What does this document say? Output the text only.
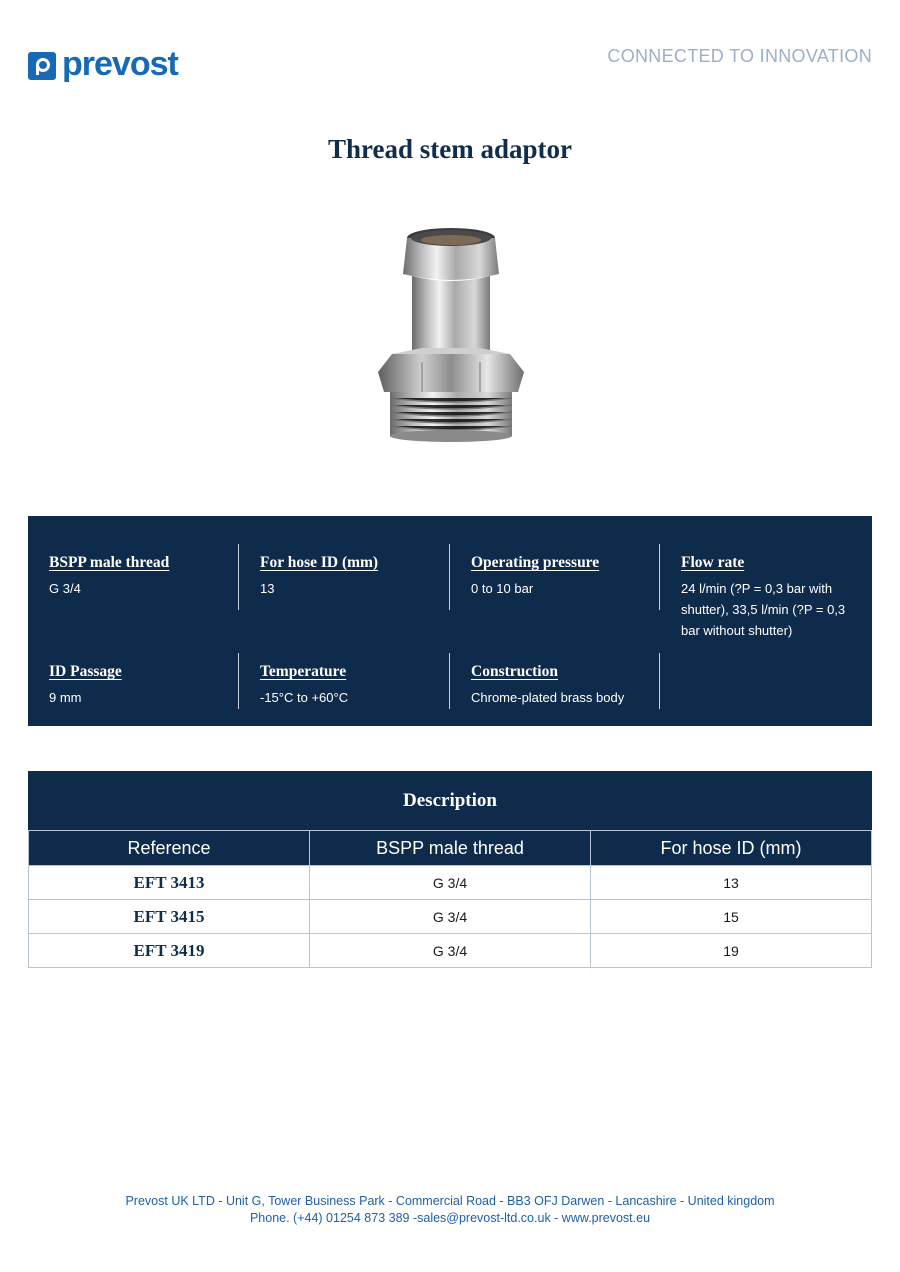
prevost	CONNECTED TO INNOVATION
Thread stem adaptor
BSPP male thread
G 3/4
For hose ID (mm)
13
Operating pressure
0 to 10 bar
Flow rate
24 l/min (?P = 0,3 bar with shutter), 33,5 l/min (?P = 0,3 bar without shutter)
ID Passage
9 mm
Temperature
-15°C to +60°C
Construction
Chrome-plated brass body
Description
Reference	BSPP male thread	For hose ID (mm)
EFT 3413	G 3/4	13
EFT 3415	G 3/4	15
EFT 3419	G 3/4	19
Prevost UK LTD - Unit G, Tower Business Park - Commercial Road - BB3 OFJ Darwen - Lancashire - United kingdom
Phone. (+44) 01254 873 389 -sales@prevost-ltd.co.uk - www.prevost.eu
